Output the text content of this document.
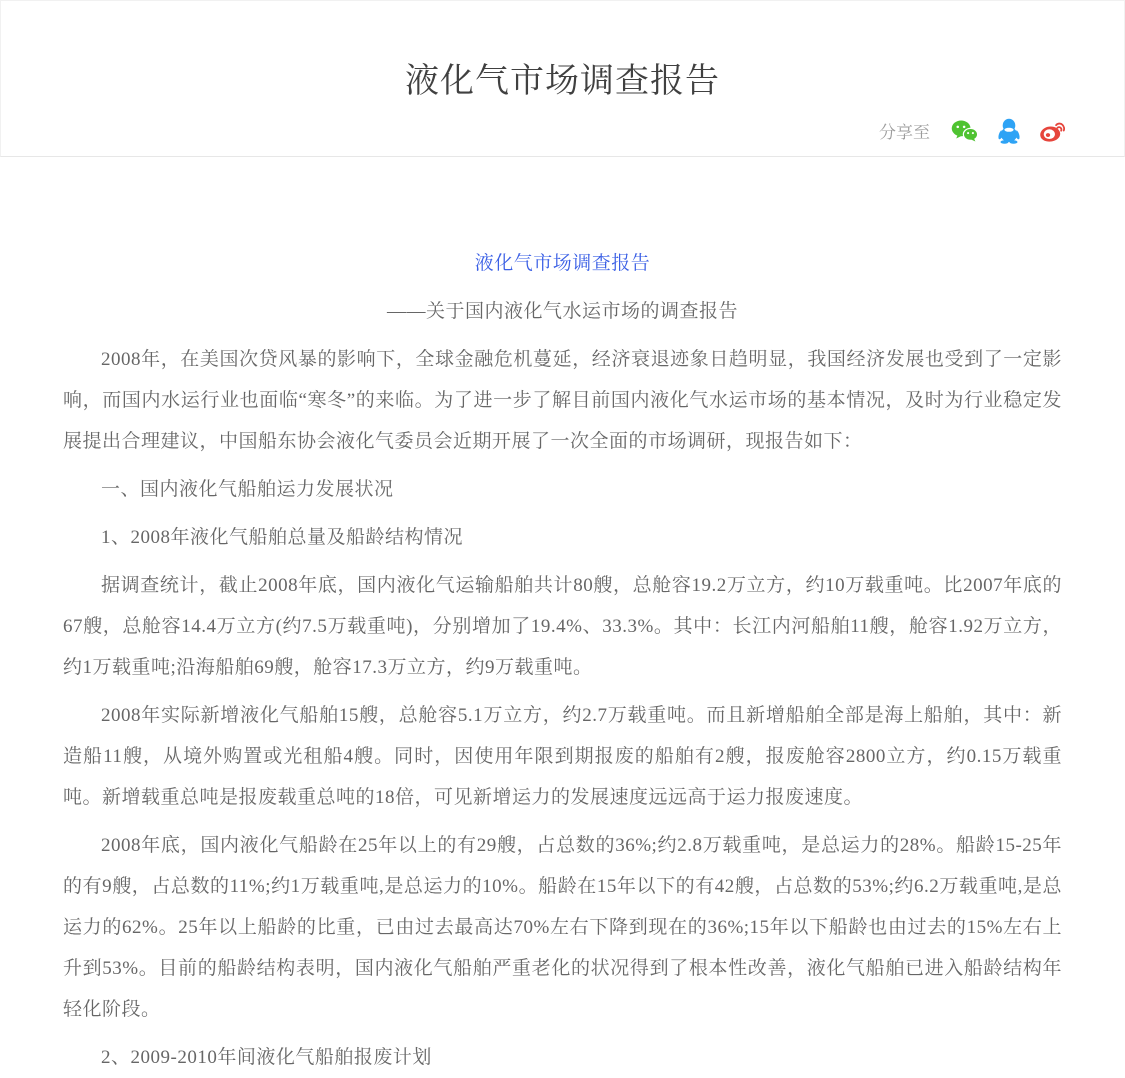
液化气市场调查报告
分享至

液化气市场调查报告

——关于国内液化气水运市场的调查报告

2008年，在美国次贷风暴的影响下，全球金融危机蔓延，经济衰退迹象日趋明显，我国经济发展也受到了一定影响，而国内水运行业也面临“寒冬”的来临。为了进一步了解目前国内液化气水运市场的基本情况，及时为行业稳定发展提出合理建议，中国船东协会液化气委员会近期开展了一次全面的市场调研，现报告如下：

一、国内液化气船舶运力发展状况

1、2008年液化气船舶总量及船龄结构情况

据调查统计，截止2008年底，国内液化气运输船舶共计80艘，总舱容19.2万立方，约10万载重吨。比2007年底的67艘，总舱容14.4万立方(约7.5万载重吨)，分别增加了19.4%、33.3%。其中：长江内河船舶11艘，舱容1.92万立方，约1万载重吨;沿海船舶69艘，舱容17.3万立方，约9万载重吨。

2008年实际新增液化气船舶15艘，总舱容5.1万立方，约2.7万载重吨。而且新增船舶全部是海上船舶，其中：新造船11艘，从境外购置或光租船4艘。同时，因使用年限到期报废的船舶有2艘，报废舱容2800立方，约0.15万载重吨。新增载重总吨是报废载重总吨的18倍，可见新增运力的发展速度远远高于运力报废速度。

2008年底，国内液化气船龄在25年以上的有29艘，占总数的36%;约2.8万载重吨，是总运力的28%。船龄15-25年的有9艘，占总数的11%;约1万载重吨,是总运力的10%。船龄在15年以下的有42艘，占总数的53%;约6.2万载重吨,是总运力的62%。25年以上船龄的比重，已由过去最高达70%左右下降到现在的36%;15年以下船龄也由过去的15%左右上升到53%。目前的船龄结构表明，国内液化气船舶严重老化的状况得到了根本性改善，液化气船舶已进入船龄结构年轻化阶段。

2、2009-2010年间液化气船舶报废计划
